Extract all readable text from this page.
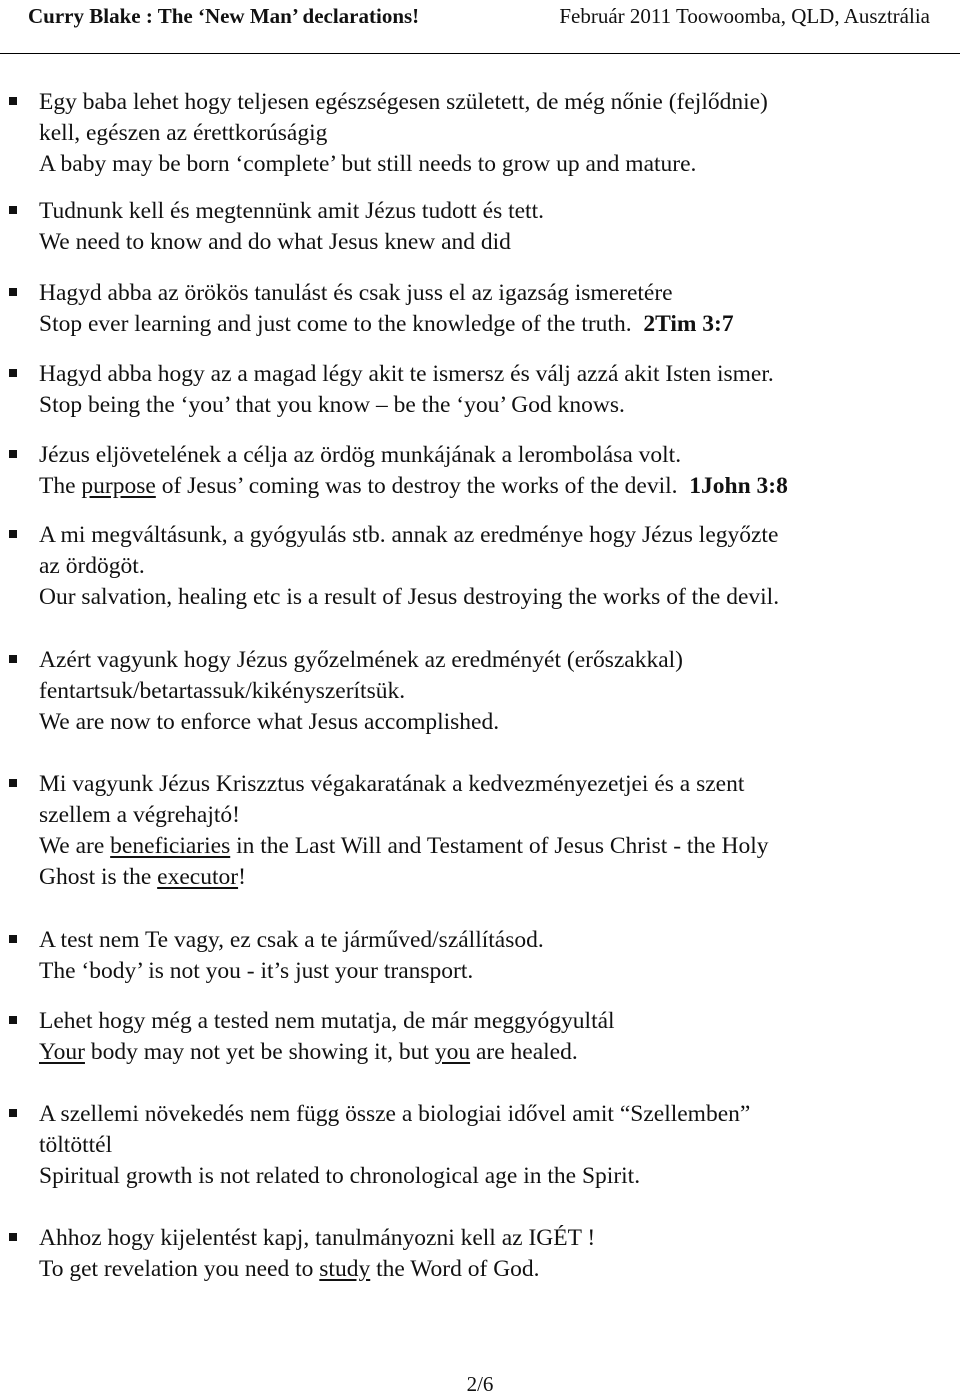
Curry Blake : The ‘New Man’ declarations!	Február 2011 Toowoomba, QLD, Ausztrália
Egy baba lehet hogy teljesen egészségesen született, de még nőnie (fejlődnie)
kell, egészen az érettkorúságig
A baby may be born ‘complete’ but still needs to grow up and mature.
Tudnunk kell és megtennünk amit Jézus tudott és tett.
We need to know and do what Jesus knew and did
Hagyd abba az örökös tanulást és csak juss el az igazság ismeretére
Stop ever learning and just come to the knowledge of the truth. 2Tim 3:7
Hagyd abba hogy az a magad légy akit te ismersz és válj azzá akit Isten ismer.
Stop being the ‘you’ that you know – be the ‘you’ God knows.
Jézus eljövetelének a célja az ördög munkájának a lerombolása volt.
The purpose of Jesus’ coming was to destroy the works of the devil. 1John 3:8
A mi megváltásunk, a gyógyulás stb. annak az eredménye hogy Jézus legyőzte
az ördögöt.
Our salvation, healing etc is a result of Jesus destroying the works of the devil.
Azért vagyunk hogy Jézus győzelmének az eredményét (erőszakkal)
fentartsuk/betartassuk/kikényszerítsük.
We are now to enforce what Jesus accomplished.
Mi vagyunk Jézus Kriszztus végakaratának a kedvezményezetjei és a szent
szellem a végrehajtó!
We are beneficiaries in the Last Will and Testament of Jesus Christ - the Holy
Ghost is the executor!
A test nem Te vagy, ez csak a te járműved/szállításod.
The ‘body’ is not you - it’s just your transport.
Lehet hogy még a tested nem mutatja, de már meggyógyultál
Your body may not yet be showing it, but you are healed.
A szellemi növekedés nem függ össze a biologiai idővel amit “Szellemben”
töltöttél
Spiritual growth is not related to chronological age in the Spirit.
Ahhoz hogy kijelentést kapj, tanulmányozni kell az IGÉT !
To get revelation you need to study the Word of God.
2/6
